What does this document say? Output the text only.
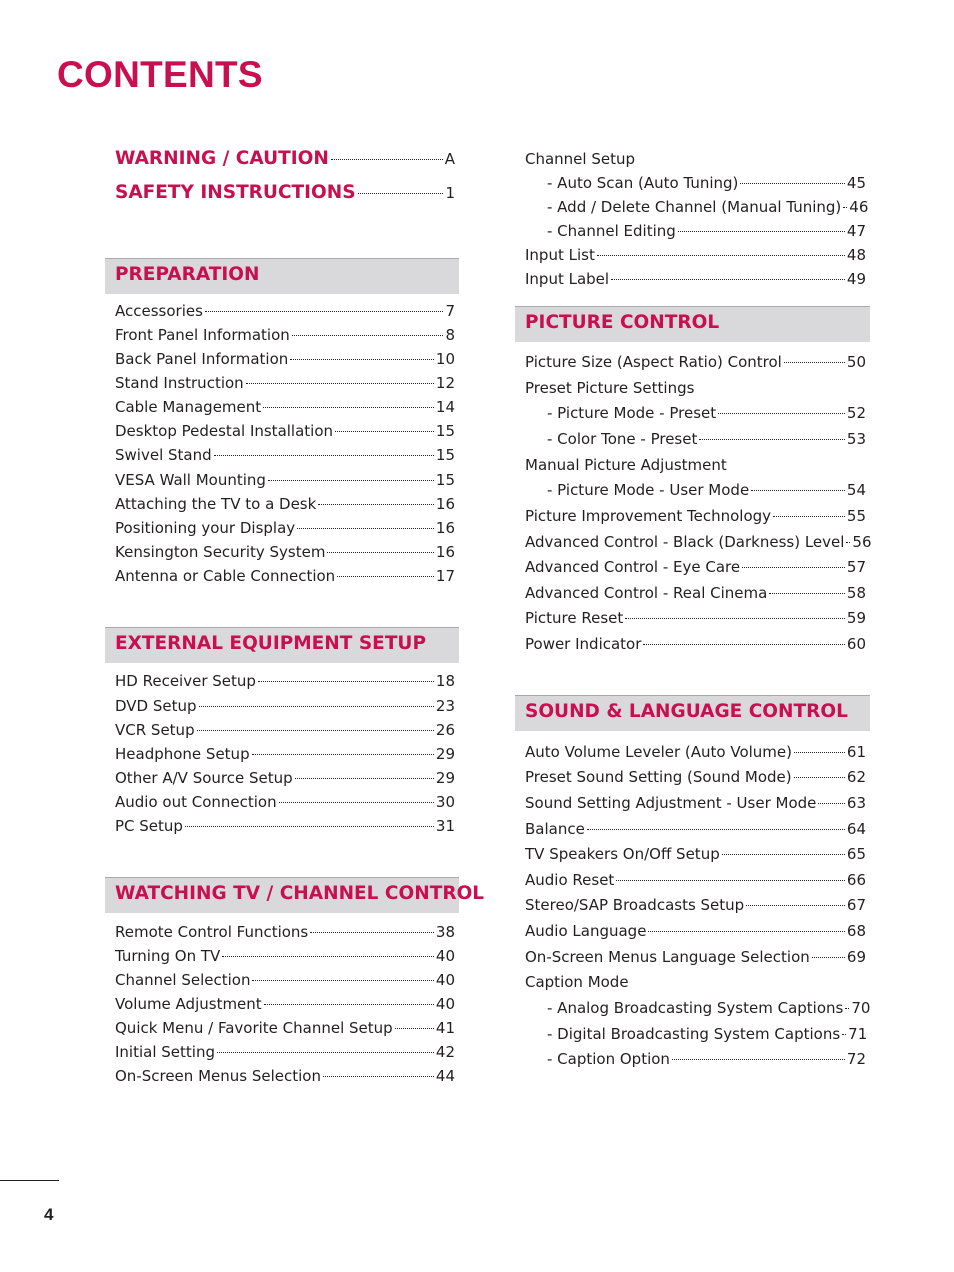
CONTENTS
WARNING / CAUTION	A
SAFETY INSTRUCTIONS	1
PREPARATION
Accessories	7
Front Panel Information	8
Back Panel Information	10
Stand Instruction	12
Cable Management	14
Desktop Pedestal Installation	15
Swivel Stand	15
VESA Wall Mounting	15
Attaching the TV to a Desk	16
Positioning your Display	16
Kensington Security System	16
Antenna or Cable Connection	17
EXTERNAL EQUIPMENT SETUP
HD Receiver Setup	18
DVD Setup	23
VCR Setup	26
Headphone Setup	29
Other A/V Source Setup	29
Audio out Connection	30
PC Setup	31
WATCHING TV / CHANNEL CONTROL
Remote Control Functions	38
Turning On TV	40
Channel Selection	40
Volume Adjustment	40
Quick Menu / Favorite Channel Setup	41
Initial Setting	42
On-Screen Menus Selection	44
Channel Setup
- Auto Scan (Auto Tuning)	45
- Add / Delete Channel (Manual Tuning) 46
- Channel Editing	47
Input List	48
Input Label	49
PICTURE CONTROL
Picture Size (Aspect Ratio) Control	50
Preset Picture Settings
- Picture Mode - Preset	52
- Color Tone - Preset	53
Manual Picture Adjustment
- Picture Mode - User Mode	54
Picture Improvement Technology	55
Advanced Control - Black (Darkness) Level 56
Advanced Control - Eye Care	57
Advanced Control - Real Cinema	58
Picture Reset	59
Power Indicator	60
SOUND & LANGUAGE CONTROL
Auto Volume Leveler (Auto Volume)	61
Preset Sound Setting (Sound Mode)	62
Sound Setting Adjustment - User Mode 63
Balance	64
TV Speakers On/Off Setup	65
Audio Reset	66
Stereo/SAP Broadcasts Setup	67
Audio Language	68
On-Screen Menus Language Selection 69
Caption Mode
- Analog Broadcasting System Captions 70
- Digital Broadcasting System Captions 71
- Caption Option	72
4
